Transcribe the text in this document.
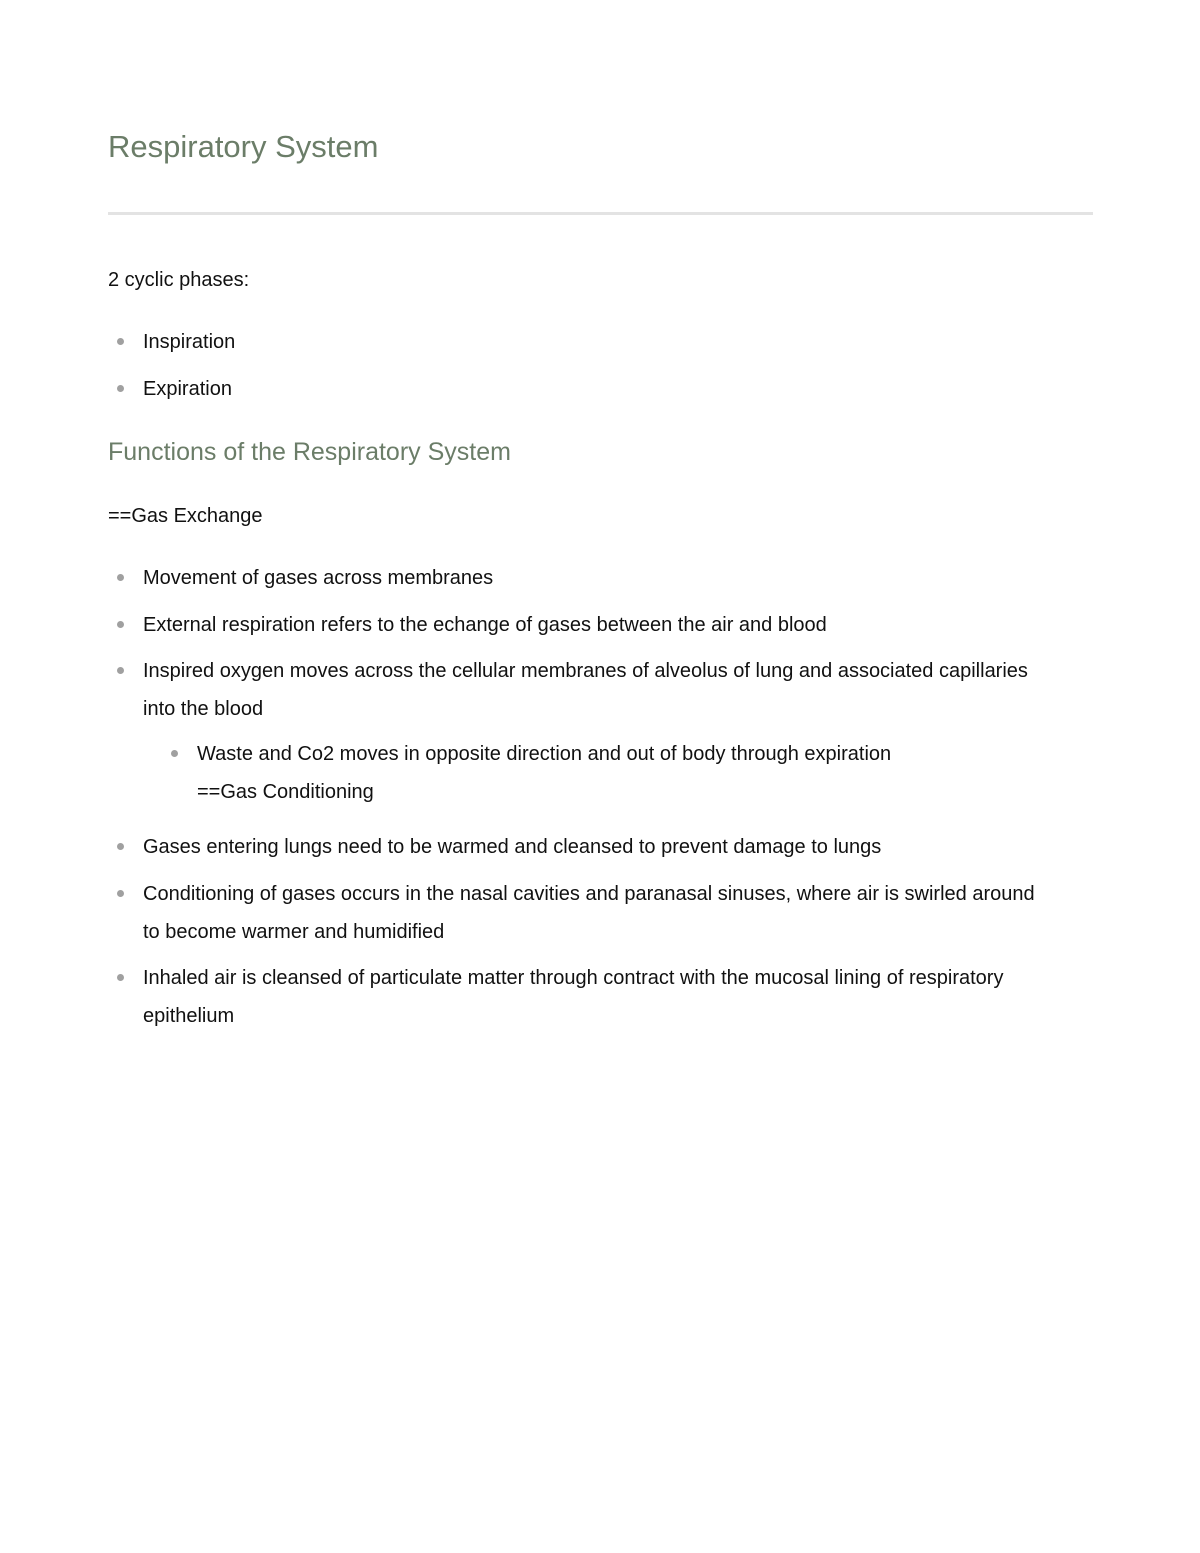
Respiratory System

2 cyclic phases:

Inspiration
Expiration
Functions of the Respiratory System

==Gas Exchange

Movement of gases across membranes
External respiration refers to the echange of gases between the air and blood
Inspired oxygen moves across the cellular membranes of alveolus of lung and associated capillaries
into the blood
Waste and Co2 moves in opposite direction and out of body through expiration
==Gas Conditioning
Gases entering lungs need to be warmed and cleansed to prevent damage to lungs
Conditioning of gases occurs in the nasal cavities and paranasal sinuses, where air is swirled around
to become warmer and humidified
Inhaled air is cleansed of particulate matter through contract with the mucosal lining of respiratory
epithelium
